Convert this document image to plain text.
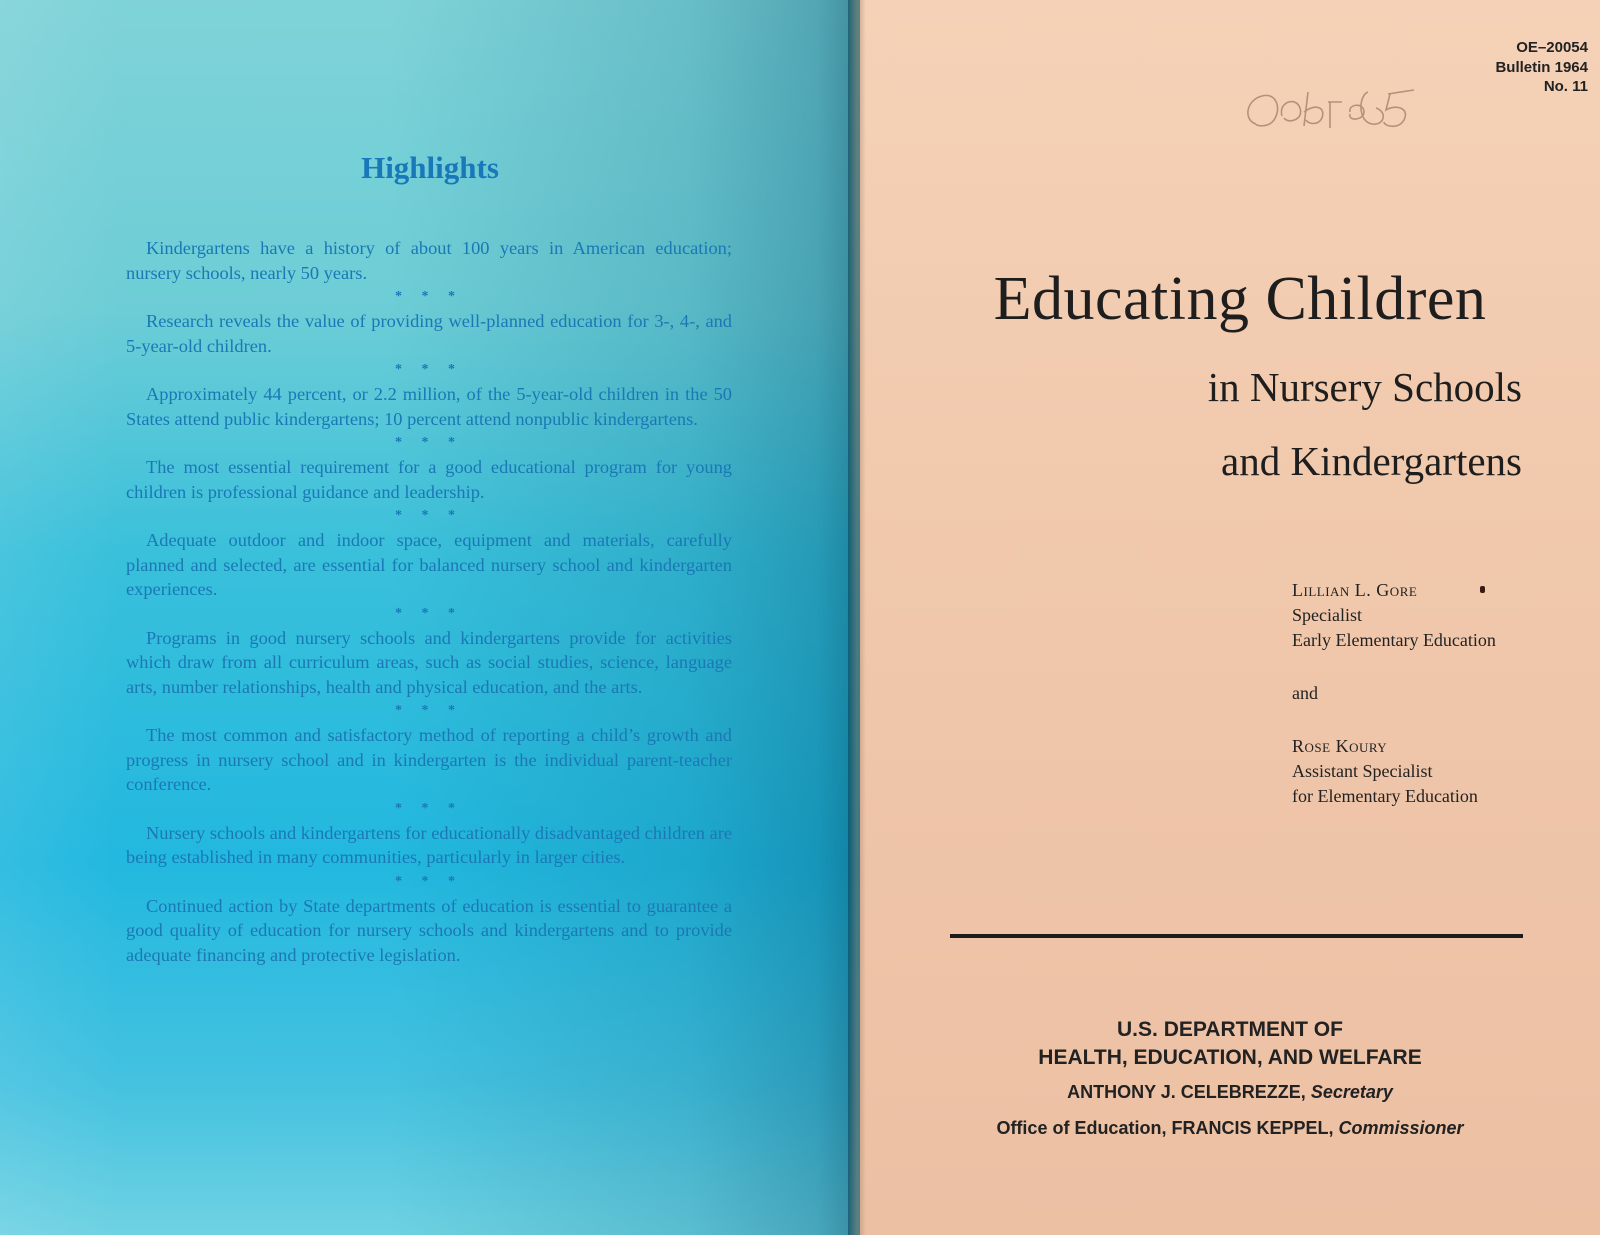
Highlights

Kindergartens have a history of about 100 years in American education; nursery schools, nearly 50 years.

* * *

Research reveals the value of providing well-planned education for 3-, 4-, and 5-year-old children.

* * *

Approximately 44 percent, or 2.2 million, of the 5-year-old children in the 50 States attend public kindergartens; 10 percent attend nonpublic kindergartens.

* * *

The most essential requirement for a good educational program for young children is professional guidance and leadership.

* * *

Adequate outdoor and indoor space, equipment and materials, carefully planned and selected, are essential for balanced nursery school and kindergarten experiences.

* * *

Programs in good nursery schools and kindergartens provide for activities which draw from all curriculum areas, such as social studies, science, language arts, number relationships, health and physical education, and the arts.

* * *

The most common and satisfactory method of reporting a child’s growth and progress in nursery school and in kindergarten is the individual parent-teacher conference.

* * *

Nursery schools and kindergartens for educationally disadvantaged children are being established in many communities, particularly in larger cities.

* * *

Continued action by State departments of education is essential to guarantee a good quality of education for nursery schools and kindergartens and to provide adequate financing and protective legislation.

OE–20054
Bulletin 1964
No. 11
Educating Children
in Nursery Schools
and Kindergartens
Lillian L. Gore
Specialist
Early Elementary Education
and
Rose Koury
Assistant Specialist
for Elementary Education
U.S. DEPARTMENT OF
HEALTH, EDUCATION, AND WELFARE
ANTHONY J. CELEBREZZE, Secretary
Office of Education, FRANCIS KEPPEL, Commissioner
